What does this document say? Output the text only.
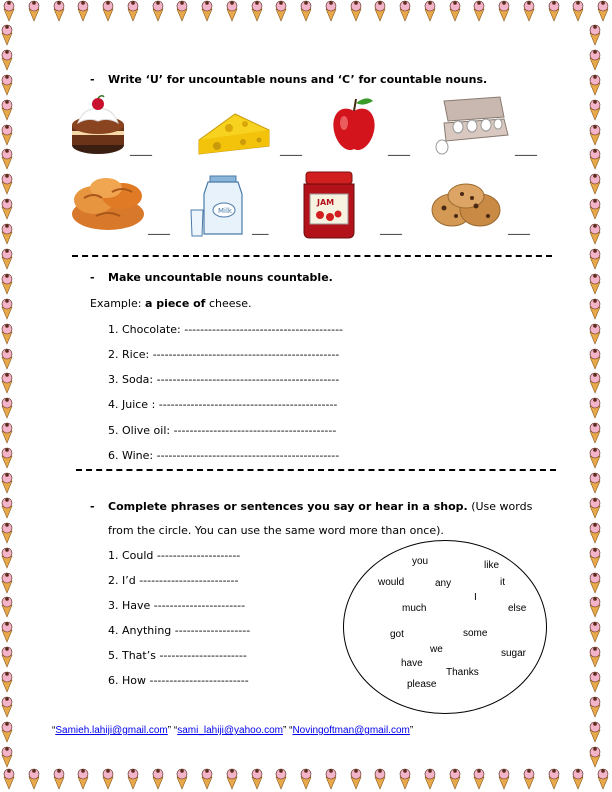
- Write ‘U’ for uncountable nouns and ‘C’ for countable nouns.
____	____	____	____
____
Milk
___
JAM
____	____
- Make uncountable nouns countable.
Example: a piece of cheese.
1. Chocolate: ----------------------------------------
2. Rice: -----------------------------------------------
3. Soda: ----------------------------------------------
4. Juice : ---------------------------------------------
5. Olive oil: -----------------------------------------
6. Wine: ----------------------------------------------
- Complete phrases or sentences you say or hear in a shop. (Use words
from the circle. You can use the same word more than once).
1. Could ---------------------
2. I’d -------------------------
3. Have -----------------------
4. Anything -------------------
5. That’s ----------------------
6. How -------------------------
you	like
would	any	it
I
much	else
got	some
we	sugar
have
Thanks
please
“Samieh.lahiji@gmail.com” “sami_lahiji@yahoo.com” “Novingoftman@gmail.com”
